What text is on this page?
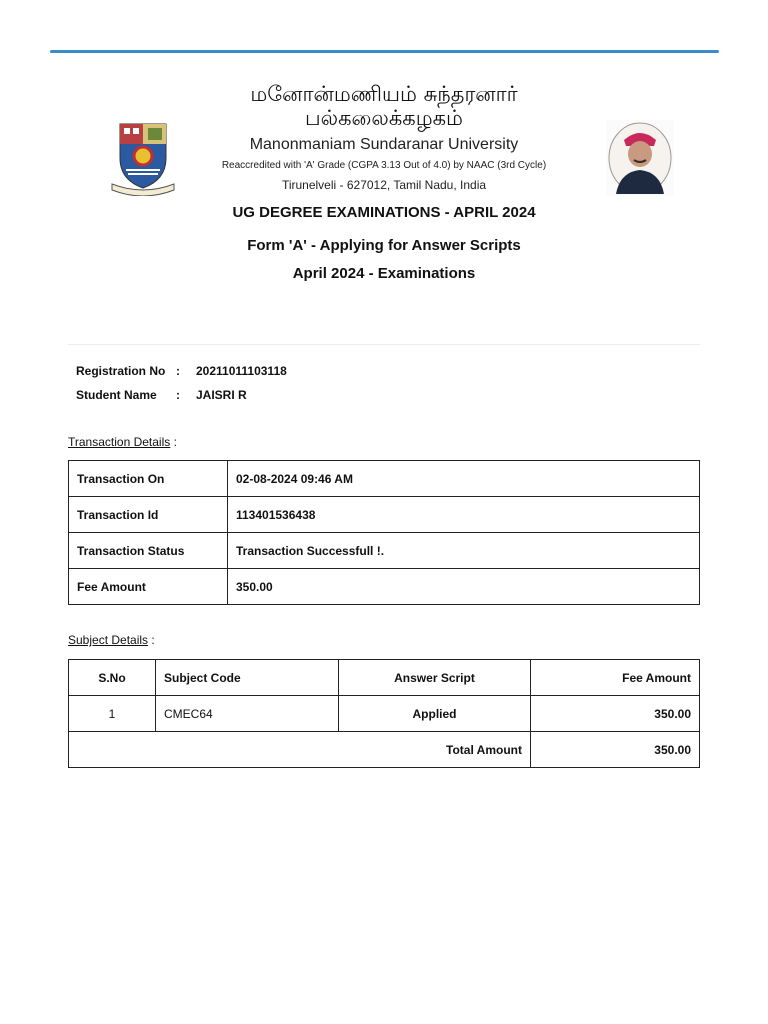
மனோன்மணியம் சுந்தரனார்
பல்கலைக்கழகம்
Manonmaniam Sundaranar University
Reaccredited with 'A' Grade (CGPA 3.13 Out of 4.0) by NAAC (3rd Cycle)
Tirunelveli - 627012, Tamil Nadu, India
UG DEGREE EXAMINATIONS - APRIL 2024
Form 'A' - Applying for Answer Scripts
April 2024 - Examinations
Registration No :	20211011103118
Student Name	:	JAISRI R
Transaction Details :
Transaction On	02-08-2024 09:46 AM
Transaction Id	113401536438
Transaction Status	Transaction Successfull !.
Fee Amount	350.00
Subject Details :
S.No	Subject Code	Answer Script	Fee Amount
1	CMEC64	Applied	350.00
Total Amount			350.00
